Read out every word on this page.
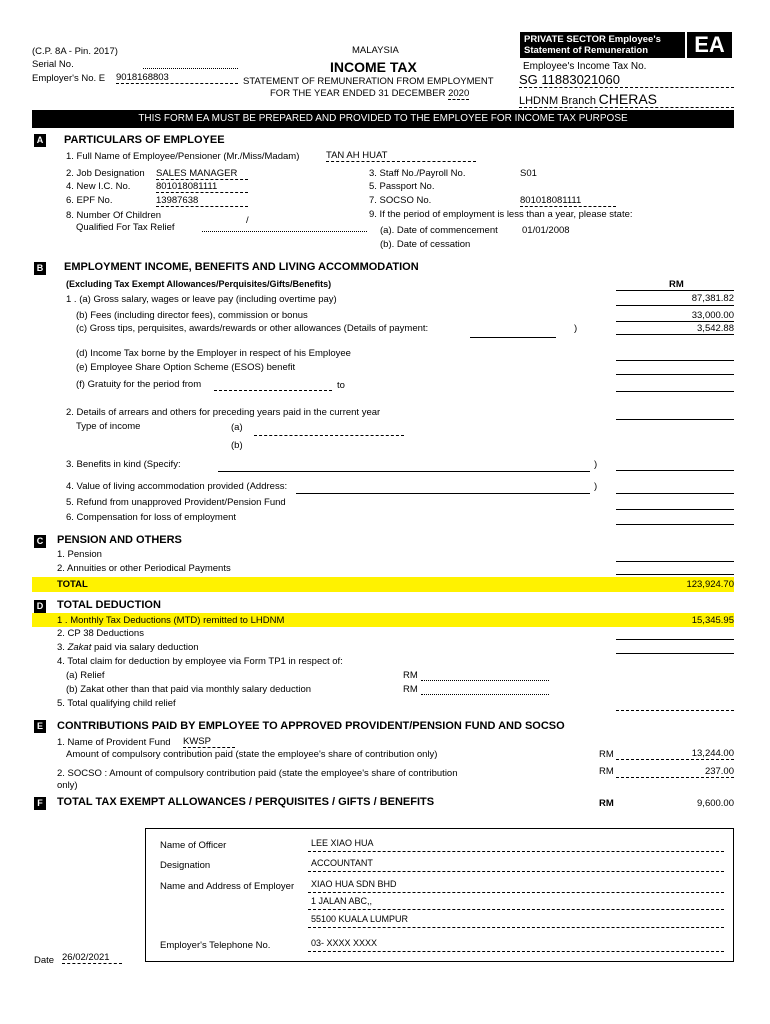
(C.P. 8A - Pin. 2017)
Serial No.
Employer's No. E 9018168803
MALAYSIA
INCOME TAX
STATEMENT OF REMUNERATION FROM EMPLOYMENT
FOR THE YEAR ENDED 31 DECEMBER 2020
PRIVATE SECTOR Employee's
Statement of Remuneration	EA
Employee's Income Tax No.
SG 11883021060
LHDNM Branch CHERAS
THIS FORM EA MUST BE PREPARED AND PROVIDED TO THE EMPLOYEE FOR INCOME TAX PURPOSE
A PARTICULARS OF EMPLOYEE
1. Full Name of Employee/Pensioner (Mr./Miss/Madam)	TAN AH HUAT
2. Job Designation SALES MANAGER
4. New I.C. No.	801018081111
6. EPF No.	13987638
8. Number Of Children
Qualified For Tax Relief
/
3. Staff No./Payroll No.	S01
5. Passport No.
7. SOCSO No.	801018081111
9. If the period of employment is less than a year, please state:
(a). Date of commencement	01/01/2008
(b). Date of cessation
B EMPLOYMENT INCOME, BENEFITS AND LIVING ACCOMMODATION
(Excluding Tax Exempt Allowances/Perquisites/Gifts/Benefits)	RM
1 . (a) Gross salary, wages or leave pay (including overtime pay)	87,381.82
(b) Fees (including director fees), commission or bonus	33,000.00
(c) Gross tips, perquisites, awards/rewards or other allowances (Details of payment:	)	3,542.88
(d) Income Tax borne by the Employer in respect of his Employee
(e) Employee Share Option Scheme (ESOS) benefit
(f) Gratuity for the period from	to
2. Details of arrears and others for preceding years paid in the current year
Type of income	(a)
(b)
3. Benefits in kind (Specify:	)
4. Value of living accommodation provided (Address:	)
5. Refund from unapproved Provident/Pension Fund
6. Compensation for loss of employment
C PENSION AND OTHERS
1. Pension
2. Annuities or other Periodical Payments
TOTAL	123,924.70
D TOTAL DEDUCTION
1 . Monthly Tax Deductions (MTD) remitted to LHDNM	15,345.95
2. CP 38 Deductions
3. Zakat paid via salary deduction
4. Total claim for deduction by employee via Form TP1 in respect of:
(a) Relief	RM
(b) Zakat other than that paid via monthly salary deduction	RM
5. Total qualifying child relief
E CONTRIBUTIONS PAID BY EMPLOYEE TO APPROVED PROVIDENT/PENSION FUND AND SOCSO
1. Name of Provident Fund KWSP
Amount of compulsory contribution paid (state the employee's share of contribution only)	RM	13,244.00
2. SOCSO : Amount of compulsory contribution paid (state the employee's share of contribution
only)
RM	237.00
F TOTAL TAX EXEMPT ALLOWANCES / PERQUISITES / GIFTS / BENEFITS	RM	9,600.00
Name of Officer	LEE XIAO HUA
Designation	ACCOUNTANT
Name and Address of Employer XIAO HUA SDN BHD
1 JALAN ABC,,
55100 KUALA LUMPUR
Employer's Telephone No.	03- XXXX XXXX
Date 26/02/2021
